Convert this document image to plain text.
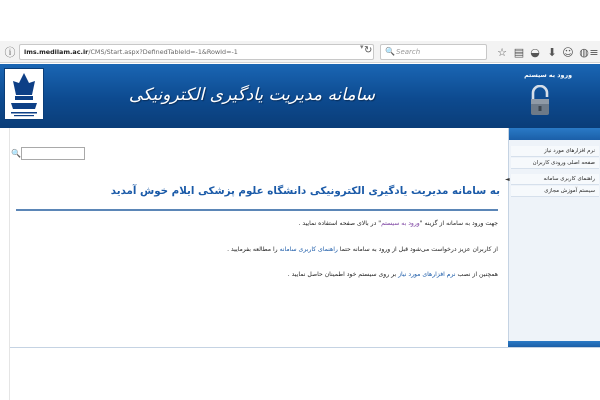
ⓘ	lms.medilam.ac.ir/CMS/Start.aspx?DefinedTableId=-1&RowId=-1
▾ ↻	🔍 Search	☆ ▤ ◒ ⬇ ☺ ◍ ≡
سامانه مدیریت یادگیری الکترونیکی
ورود به سیستم
نرم افزارهای مورد نیاز
صفحه اصلی ورودی کاربران
◄	راهنمای کاربری سامانه
سیستم آموزش مجازی
🔍
به سامانه مدیریت یادگیری الکترونیکی دانشگاه علوم پزشکی ایلام خوش آمدید
جهت ورود به سامانه از گزینه "ورود به سیستم" در بالای صفحه استفاده نمایید .
از کاربران عزیز درخواست می‌شود قبل از ورود به سامانه حتما راهنمای کاربری سامانه را مطالعه بفرمایید .
همچنین از نصب نرم افزارهای مورد نیاز بر روی سیستم خود اطمینان حاصل نمایید .
